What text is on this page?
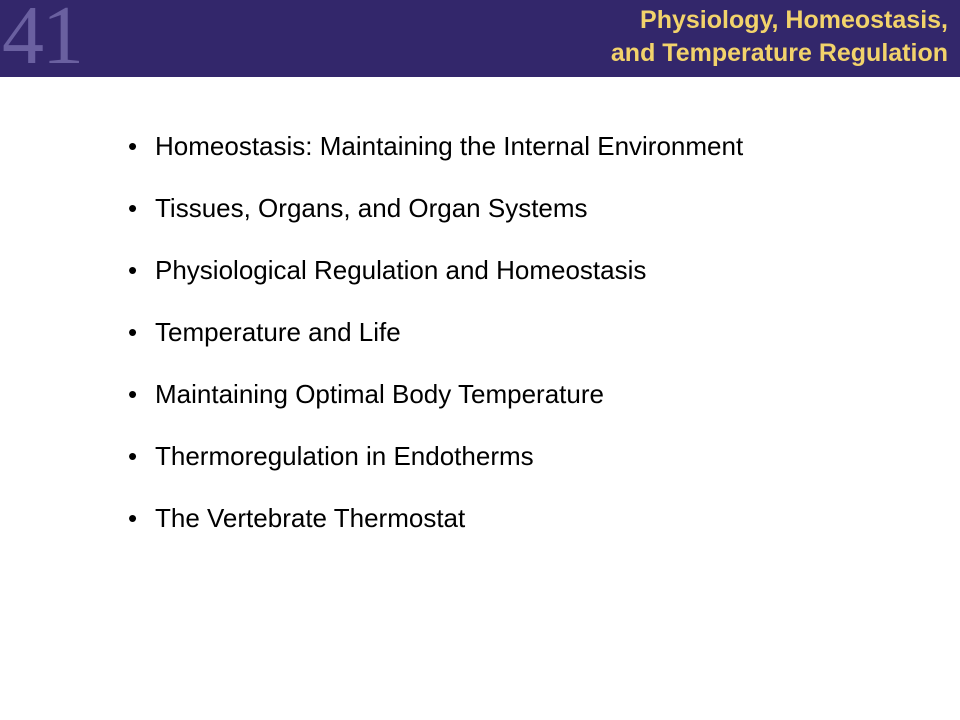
41	Physiology, Homeostasis,
and Temperature Regulation
• Homeostasis: Maintaining the Internal Environment
• Tissues, Organs, and Organ Systems
• Physiological Regulation and Homeostasis
• Temperature and Life
• Maintaining Optimal Body Temperature
• Thermoregulation in Endotherms
• The Vertebrate Thermostat
